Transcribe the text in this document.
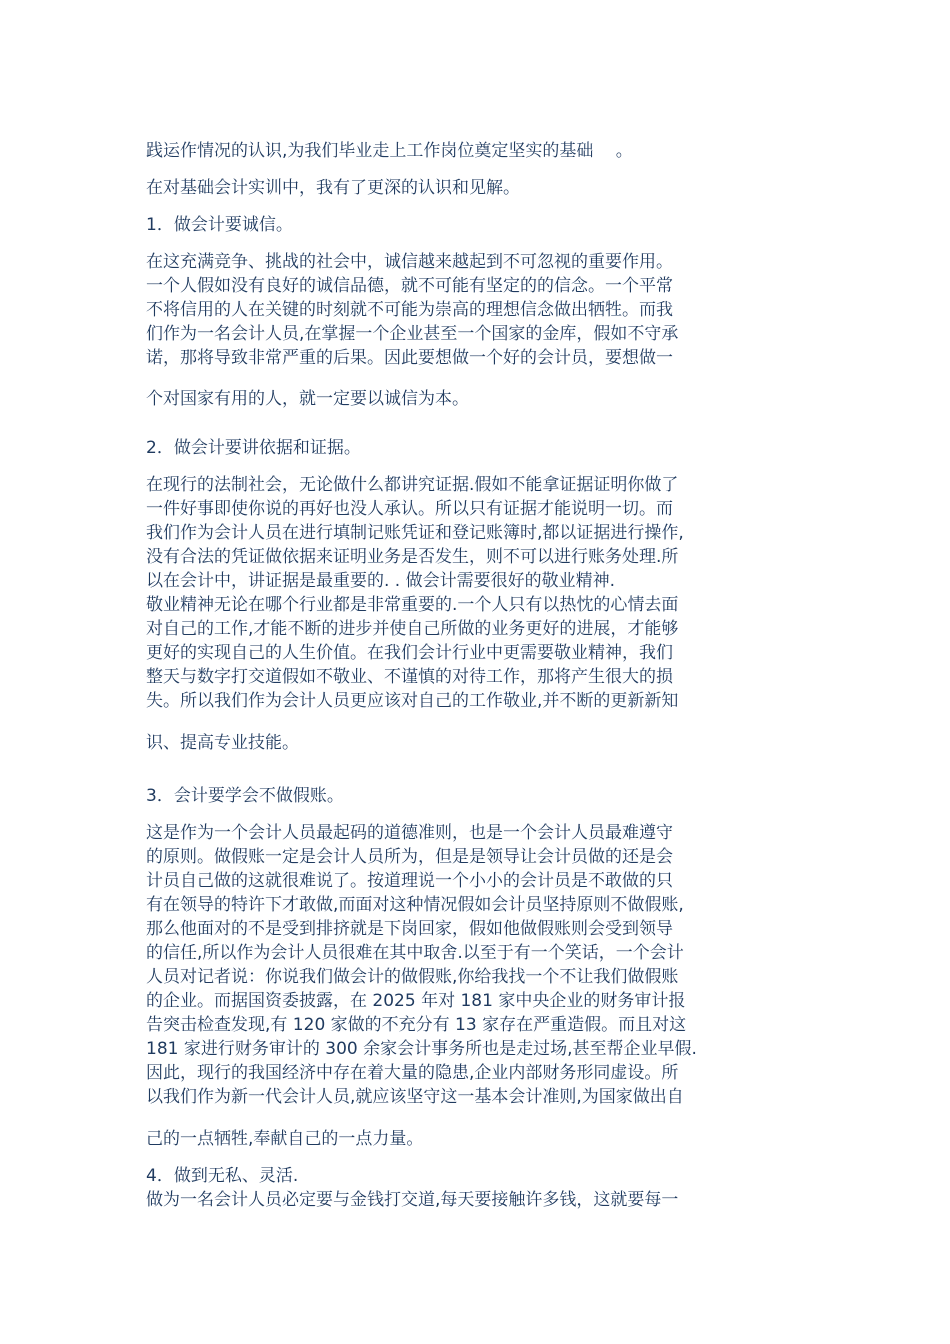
践运作情况的认识,为我们毕业走上工作岗位奠定坚实的基础　 。
在对基础会计实训中，我有了更深的认识和见解。
1．做会计要诚信。
在这充满竞争、挑战的社会中，诚信越来越起到不可忽视的重要作用。
一个人假如没有良好的诚信品德，就不可能有坚定的的信念。一个平常
不将信用的人在关键的时刻就不可能为崇高的理想信念做出牺牲。而我
们作为一名会计人员,在掌握一个企业甚至一个国家的金库，假如不守承
诺，那将导致非常严重的后果。因此要想做一个好的会计员，要想做一
个对国家有用的人，就一定要以诚信为本。
2．做会计要讲依据和证据。
在现行的法制社会，无论做什么都讲究证据.假如不能拿证据证明你做了
一件好事即使你说的再好也没人承认。所以只有证据才能说明一切。而
我们作为会计人员在进行填制记账凭证和登记账簿时,都以证据进行操作,
没有合法的凭证做依据来证明业务是否发生，则不可以进行账务处理.所
以在会计中，讲证据是最重要的. . 做会计需要很好的敬业精神.
敬业精神无论在哪个行业都是非常重要的.一个人只有以热忱的心情去面
对自己的工作,才能不断的进步并使自己所做的业务更好的进展，才能够
更好的实现自己的人生价值。在我们会计行业中更需要敬业精神，我们
整天与数字打交道假如不敬业、不谨慎的对待工作，那将产生很大的损
失。所以我们作为会计人员更应该对自己的工作敬业,并不断的更新新知
识、提高专业技能。
3．会计要学会不做假账。
这是作为一个会计人员最起码的道德准则，也是一个会计人员最难遵守
的原则。做假账一定是会计人员所为，但是是领导让会计员做的还是会
计员自己做的这就很难说了。按道理说一个小小的会计员是不敢做的只
有在领导的特许下才敢做,而面对这种情况假如会计员坚持原则不做假账,
那么他面对的不是受到排挤就是下岗回家，假如他做假账则会受到领导
的信任,所以作为会计人员很难在其中取舍.以至于有一个笑话，一个会计
人员对记者说：你说我们做会计的做假账,你给我找一个不让我们做假账
的企业。而据国资委披露，在 2025 年对 181 家中央企业的财务审计报
告突击检查发现,有 120 家做的不充分有 13 家存在严重造假。而且对这
181 家进行财务审计的 300 余家会计事务所也是走过场,甚至帮企业早假.
因此，现行的我国经济中存在着大量的隐患,企业内部财务形同虚设。所
以我们作为新一代会计人员,就应该坚守这一基本会计准则,为国家做出自
己的一点牺牲,奉献自己的一点力量。
4．做到无私、灵活.
做为一名会计人员必定要与金钱打交道,每天要接触许多钱，这就要每一
